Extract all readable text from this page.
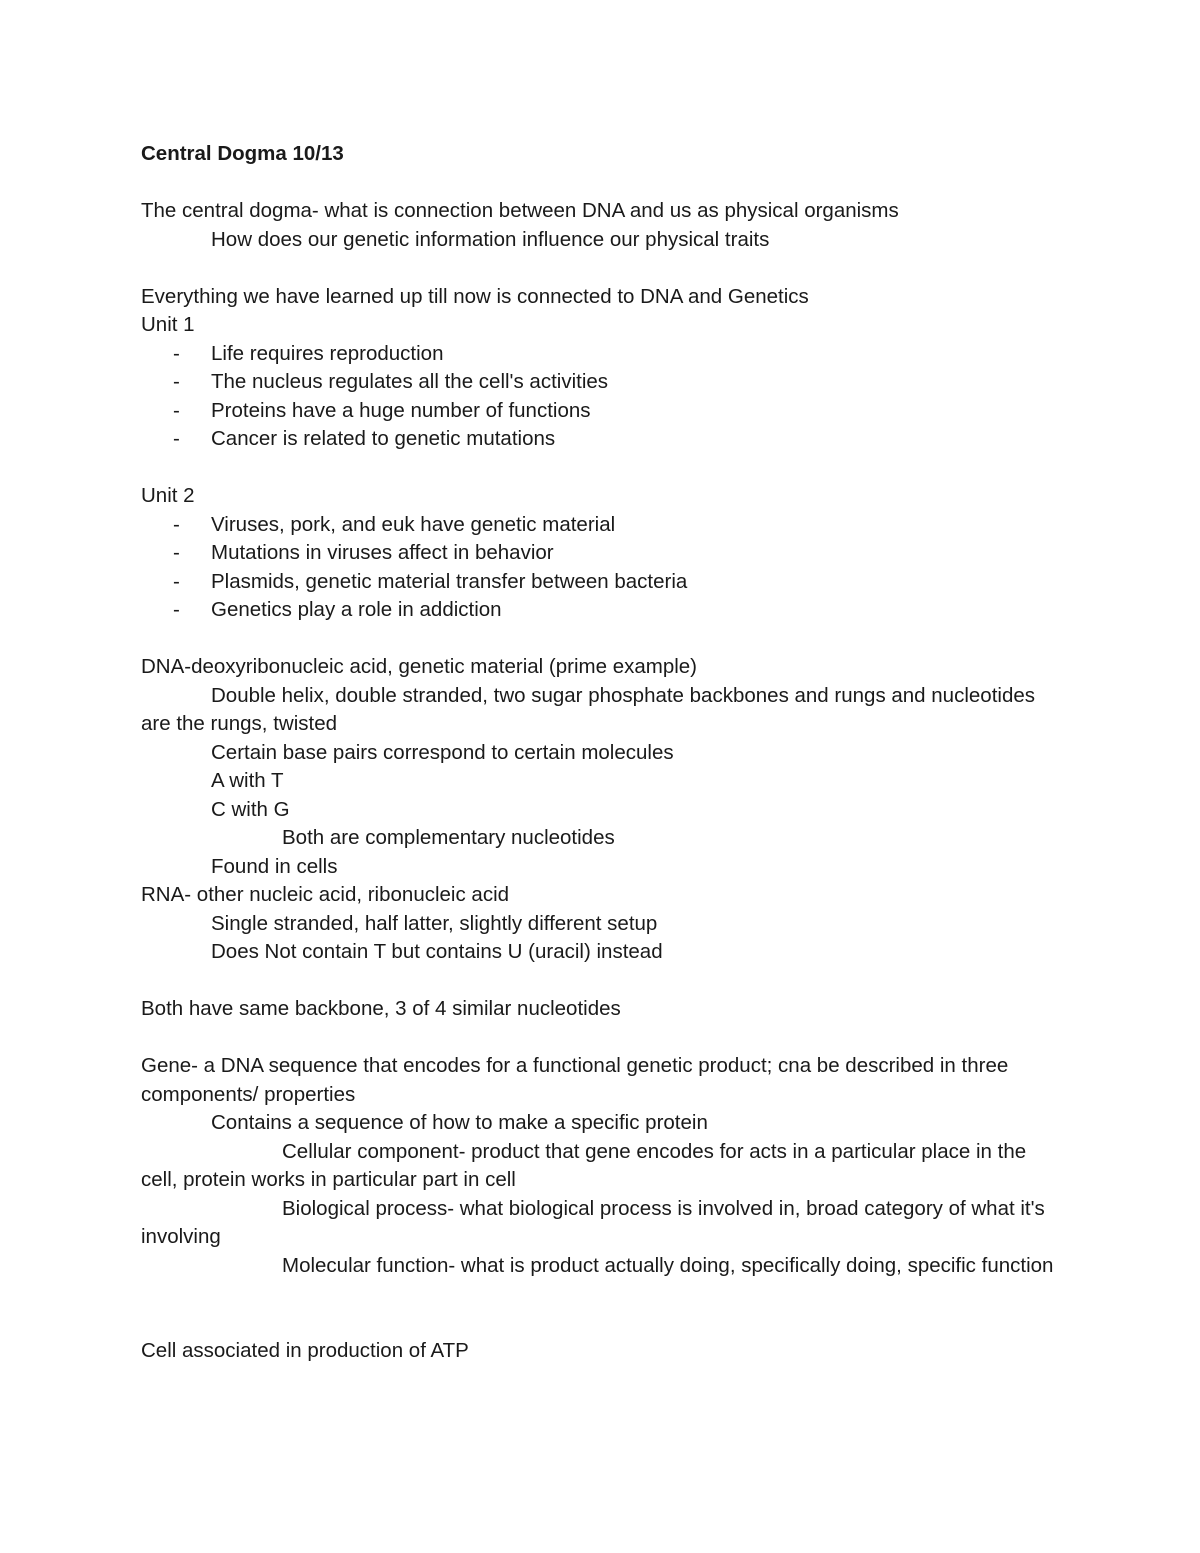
Central Dogma 10/13

The central dogma- what is connection between DNA and us as physical organisms

How does our genetic information influence our physical traits

Everything we have learned up till now is connected to DNA and Genetics

Unit 1

-	Life requires reproduction
-	The nucleus regulates all the cell's activities
-	Proteins have a huge number of functions
-	Cancer is related to genetic mutations

Unit 2

-	Viruses, pork, and euk have genetic material
-	Mutations in viruses affect in behavior
-	Plasmids, genetic material transfer between bacteria
-	Genetics play a role in addiction

DNA-deoxyribonucleic acid, genetic material (prime example)

Double helix, double stranded, two sugar phosphate backbones and rungs and nucleotides are the rungs, twisted

Certain base pairs correspond to certain molecules

A with T

C with G

Both are complementary nucleotides

Found in cells

RNA- other nucleic acid, ribonucleic acid

Single stranded, half latter, slightly different setup

Does Not contain T but contains U (uracil) instead

Both have same backbone, 3 of 4 similar nucleotides

Gene- a DNA sequence that encodes for a functional genetic product; cna be described in three components/ properties

Contains a sequence of how to make a specific protein

Cellular component- product that gene encodes for acts in a particular place in the cell, protein works in particular part in cell

Biological process- what biological process is involved in, broad category of what it's involving

Molecular function- what is product actually doing, specifically doing, specific function

Cell associated in production of ATP
